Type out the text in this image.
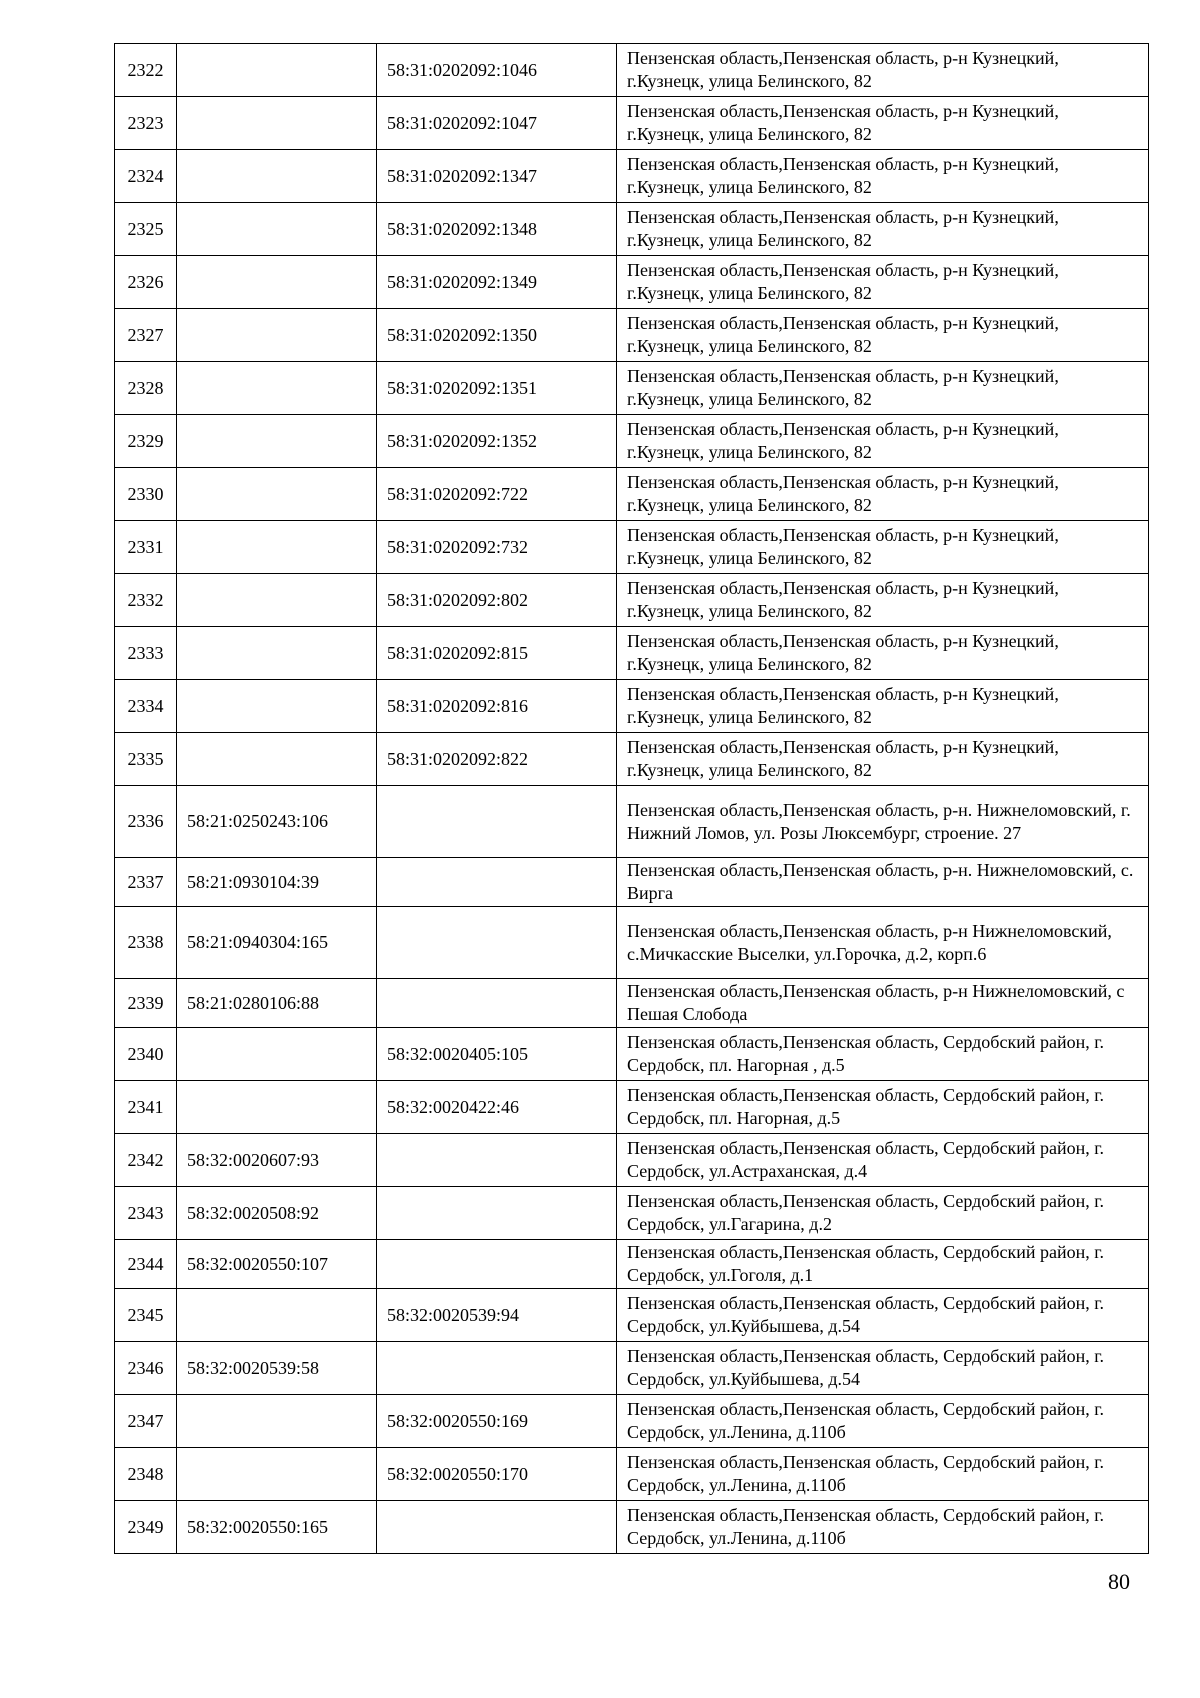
2322		58:31:0202092:1046	Пензенская область,Пензенская область, р-н Кузнецкий, г.Кузнецк, улица Белинского, 82
2323		58:31:0202092:1047	Пензенская область,Пензенская область, р-н Кузнецкий, г.Кузнецк, улица Белинского, 82
2324		58:31:0202092:1347	Пензенская область,Пензенская область, р-н Кузнецкий, г.Кузнецк, улица Белинского, 82
2325		58:31:0202092:1348	Пензенская область,Пензенская область, р-н Кузнецкий, г.Кузнецк, улица Белинского, 82
2326		58:31:0202092:1349	Пензенская область,Пензенская область, р-н Кузнецкий, г.Кузнецк, улица Белинского, 82
2327		58:31:0202092:1350	Пензенская область,Пензенская область, р-н Кузнецкий, г.Кузнецк, улица Белинского, 82
2328		58:31:0202092:1351	Пензенская область,Пензенская область, р-н Кузнецкий, г.Кузнецк, улица Белинского, 82
2329		58:31:0202092:1352	Пензенская область,Пензенская область, р-н Кузнецкий, г.Кузнецк, улица Белинского, 82
2330		58:31:0202092:722	Пензенская область,Пензенская область, р-н Кузнецкий, г.Кузнецк, улица Белинского, 82
2331		58:31:0202092:732	Пензенская область,Пензенская область, р-н Кузнецкий, г.Кузнецк, улица Белинского, 82
2332		58:31:0202092:802	Пензенская область,Пензенская область, р-н Кузнецкий, г.Кузнецк, улица Белинского, 82
2333		58:31:0202092:815	Пензенская область,Пензенская область, р-н Кузнецкий, г.Кузнецк, улица Белинского, 82
2334		58:31:0202092:816	Пензенская область,Пензенская область, р-н Кузнецкий, г.Кузнецк, улица Белинского, 82
2335		58:31:0202092:822	Пензенская область,Пензенская область, р-н Кузнецкий, г.Кузнецк, улица Белинского, 82
2336	58:21:0250243:106		Пензенская область,Пензенская область, р-н. Нижнеломовский, г. Нижний Ломов, ул. Розы Люксембург, строение. 27
2337	58:21:0930104:39		Пензенская область,Пензенская область, р-н. Нижнеломовский, с. Вирга
2338	58:21:0940304:165		Пензенская область,Пензенская область, р-н Нижнеломовский, с.Мичкасские Выселки, ул.Горочка, д.2, корп.6
2339	58:21:0280106:88		Пензенская область,Пензенская область, р-н Нижнеломовский, с Пешая Слобода
2340		58:32:0020405:105	Пензенская область,Пензенская область, Сердобский район, г. Сердобск, пл. Нагорная , д.5
2341		58:32:0020422:46	Пензенская область,Пензенская область, Сердобский район, г. Сердобск, пл. Нагорная, д.5
2342	58:32:0020607:93		Пензенская область,Пензенская область, Сердобский район, г. Сердобск, ул.Астраханская, д.4
2343	58:32:0020508:92		Пензенская область,Пензенская область, Сердобский район, г. Сердобск, ул.Гагарина, д.2
2344	58:32:0020550:107		Пензенская область,Пензенская область, Сердобский район, г. Сердобск, ул.Гоголя, д.1
2345		58:32:0020539:94	Пензенская область,Пензенская область, Сердобский район, г. Сердобск, ул.Куйбышева, д.54
2346	58:32:0020539:58		Пензенская область,Пензенская область, Сердобский район, г. Сердобск, ул.Куйбышева, д.54
2347		58:32:0020550:169	Пензенская область,Пензенская область, Сердобский район, г. Сердобск, ул.Ленина, д.110б
2348		58:32:0020550:170	Пензенская область,Пензенская область, Сердобский район, г. Сердобск, ул.Ленина, д.110б
2349	58:32:0020550:165		Пензенская область,Пензенская область, Сердобский район, г. Сердобск, ул.Ленина, д.110б
80
